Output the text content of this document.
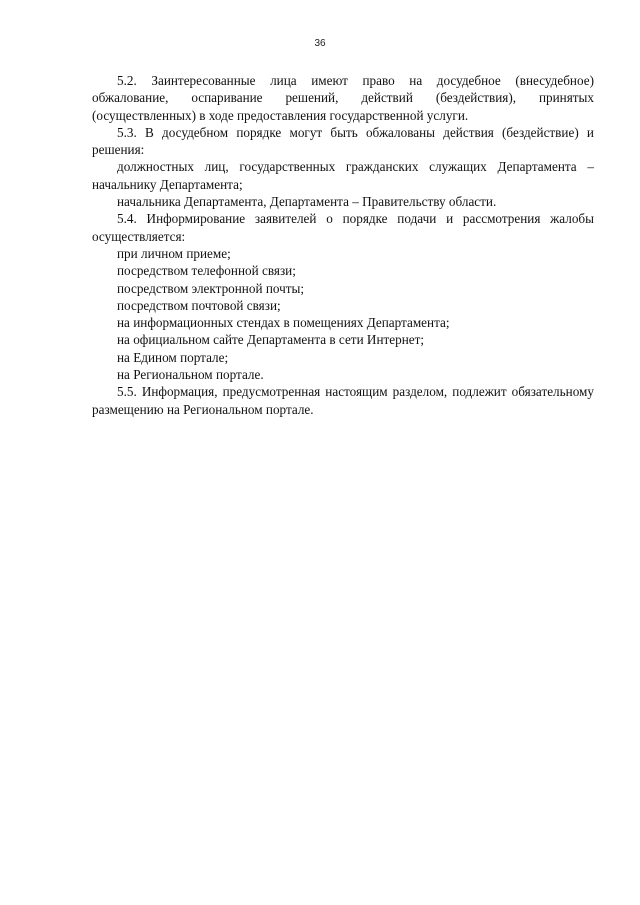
36

5.2. Заинтересованные лица имеют право на досудебное (внесудебное) обжалование, оспаривание решений, действий (бездействия), принятых (осуществленных) в ходе предоставления государственной услуги.

5.3. В досудебном порядке могут быть обжалованы действия (бездействие) и решения:

должностных лиц, государственных гражданских служащих Департамента – начальнику Департамента;

начальника Департамента, Департамента – Правительству области.

5.4. Информирование заявителей о порядке подачи и рассмотрения жалобы осуществляется:

при личном приеме;

посредством телефонной связи;

посредством электронной почты;

посредством почтовой связи;

на информационных стендах в помещениях Департамента;

на официальном сайте Департамента в сети Интернет;

на Едином портале;

на Региональном портале.

5.5. Информация, предусмотренная настоящим разделом, подлежит обязательному размещению на Региональном портале.
